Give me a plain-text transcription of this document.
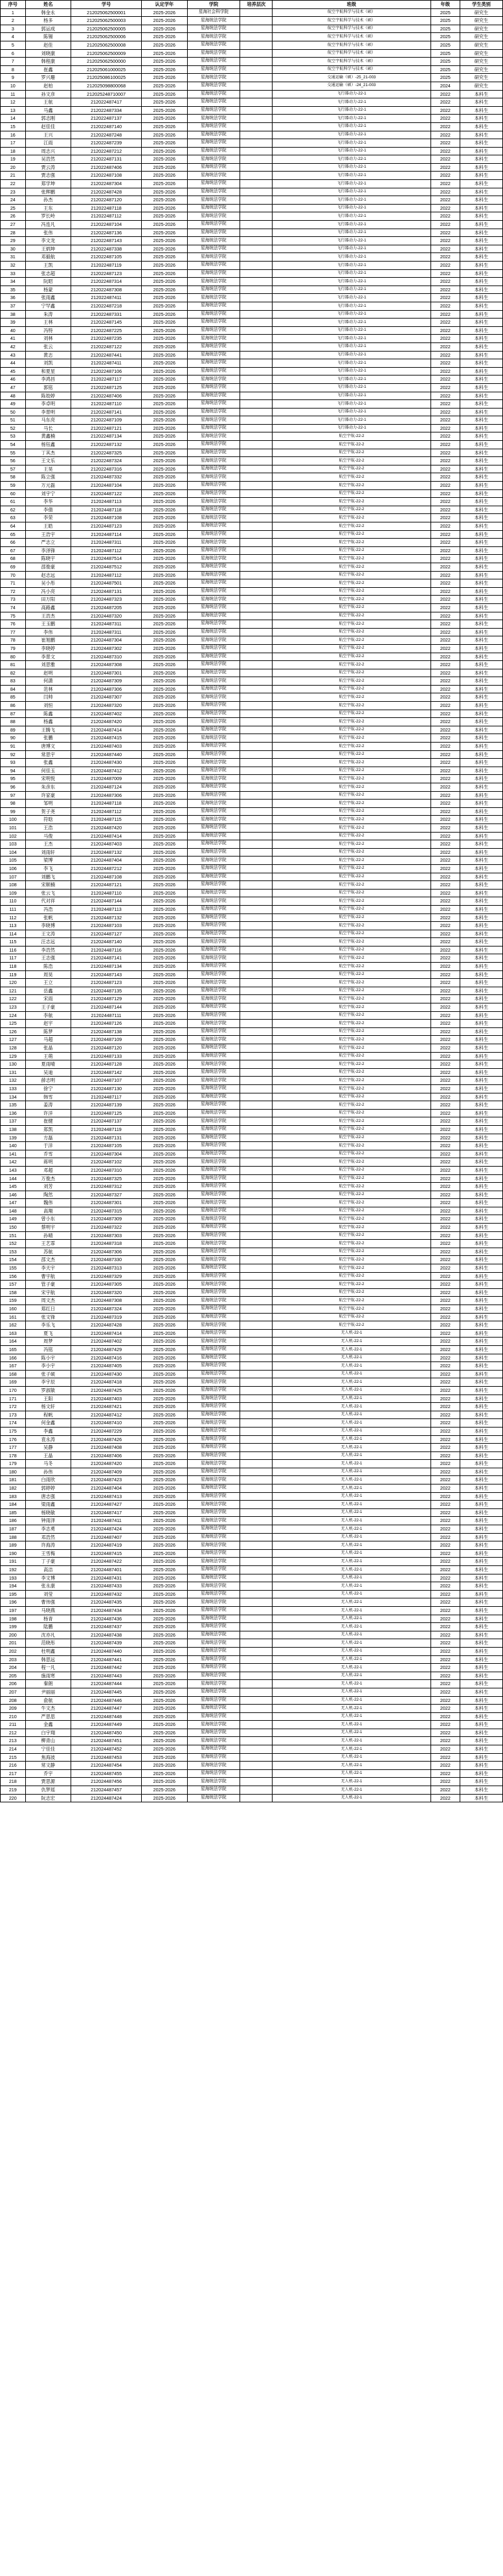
序号	姓名	学号	认定学年	学院	培养层次	班级	年级	学生类别
1	韩金永	212025062500001	2025-2026	星海社会科学院		航空宇航科学与技术（硕）	2025	研究生
2	杨多	212025062500003	2025-2026	星海统法学院		航空宇航科学与技术（硕）	2025	研究生
3	郭运成	212025062500005	2025-2026	星海统法学院		航空宇航科学与技术（硕）	2025	研究生
4	陈锡	212025062500006	2025-2026	星海统法学院		航空宇航科学与技术（硕）	2025	研究生
5	赵佳	212025062500008	2025-2026	星海统法学院		航空宇航科学与技术（硕）	2025	研究生
6	刘晓康	212025062500009	2025-2026	星海统法学院		航空宇航科学与技术（硕）	2025	研究生
7	韩程康	212025062500000	2025-2026	星海统法学院		航空宇航科学与技术（硕）	2025	研究生
8	崔鑫	212025061000025	2025-2026	星海统法学院		航空宇航科学与技术（硕）	2025	研究生
9	罗兴珊	212025086100025	2025-2026	星海统法学院		交通运输（硕）-25_21-003	2025	研究生
10	赵柏	212025098800068	2025-2026	星海统法学院		交通运输（硕）-24_21-003	2024	研究生
11	孙文彦	212025248710007	2025-2026	星海统法学院		飞行器动力-22-1	2022	本科生
12	王航	212022487417	2025-2026	星海统法学院		飞行器动力-22-1	2022	本科生
13	马鑫	212022487334	2025-2026	星海统法学院		飞行器动力-22-1	2022	本科生
14	郭志刚	212022487137	2025-2026	星海统法学院		飞行器动力-22-1	2022	本科生
15	赵佳佳	212022487140	2025-2026	星海统法学院		飞行器动力-22-1	2022	本科生
16	王兴	212022487248	2025-2026	星海统法学院		飞行器动力-22-1	2022	本科生
17	江雨	212022487239	2025-2026	星海统法学院		飞行器动力-22-1	2022	本科生
18	周志兴	212022487212	2025-2026	星海统法学院		飞行器动力-22-1	2022	本科生
19	吴浩然	212022487131	2025-2026	星海统法学院		飞行器动力-22-1	2022	本科生
20	贾云涛	212022487406	2025-2026	星海统法学院		飞行器动力-22-1	2022	本科生
21	贾志强	212022487108	2025-2026	星海统法学院		飞行器动力-22-1	2022	本科生
22	郑学坤	212022487304	2025-2026	星海统法学院		飞行器动力-22-1	2022	本科生
23	张辉鹏	212022487428	2025-2026	星海统法学院		飞行器动力-22-1	2022	本科生
24	孙杰	212022487120	2025-2026	星海统法学院		飞行器动力-22-1	2022	本科生
25	王东	212022487118	2025-2026	星海统法学院		飞行器动力-22-1	2022	本科生
26	罗长岭	212022487112	2025-2026	星海统法学院		飞行器动力-22-1	2022	本科生
27	冯连凡	212022487104	2025-2026	星海统法学院		飞行器动力-22-1	2022	本科生
28	张伟	212022487136	2025-2026	星海统法学院		飞行器动力-22-1	2022	本科生
29	李文龙	212022487143	2025-2026	星海统法学院		飞行器动力-22-1	2022	本科生
30	王炳坤	212022487338	2025-2026	星海统法学院		飞行器动力-22-1	2022	本科生
31	邓毅航	212022487105	2025-2026	星海统法学院		飞行器动力-22-1	2022	本科生
32	王凯	212022487119	2025-2026	星海统法学院		飞行器动力-22-1	2022	本科生
33	张志超	212022487123	2025-2026	星海统法学院		飞行器动力-22-1	2022	本科生
34	阮昭	212022487314	2025-2026	星海统法学院		飞行器动力-22-1	2022	本科生
35	杨蒙	212022487308	2025-2026	星海统法学院		飞行器动力-22-1	2022	本科生
36	张雨鑫	212022487411	2025-2026	星海统法学院		飞行器动力-22-1	2022	本科生
37	宁罕鑫	212022487218	2025-2026	星海统法学院		飞行器动力-22-1	2022	本科生
38	朱涛	212022487331	2025-2026	星海统法学院		飞行器动力-22-1	2022	本科生
39	王林	212022487145	2025-2026	星海统法学院		飞行器动力-22-1	2022	本科生
40	冯特	212022487225	2025-2026	星海统法学院		飞行器动力-22-1	2022	本科生
41	刘林	212022487235	2025-2026	星海统法学院		飞行器动力-22-1	2022	本科生
42	张云	212022487122	2025-2026	星海统法学院		飞行器动力-22-1	2022	本科生
43	黄志	212022487441	2025-2026	星海统法学院		飞行器动力-22-1	2022	本科生
44	刘凯	212022487411	2025-2026	星海统法学院		飞行器动力-22-1	2022	本科生
45	和夏星	212022487106	2025-2026	星海统法学院		飞行器动力-22-1	2022	本科生
46	李鸿昌	212022487117	2025-2026	星海统法学院		飞行器动力-22-1	2022	本科生
47	郭铭	212022487125	2025-2026	星海统法学院		飞行器动力-22-1	2022	本科生
48	陈姣婷	212022487406	2025-2026	星海统法学院		飞行器动力-22-1	2022	本科生
49	李卓明	212022487110	2025-2026	星海统法学院		飞行器动力-22-1	2022	本科生
50	李景明	212022487141	2025-2026	星海统法学院		飞行器动力-22-1	2022	本科生
51	马东亮	212022487109	2025-2026	星海统法学院		飞行器动力-22-1	2022	本科生
52	马长	212022487121	2025-2026	星海统法学院		飞行器动力-22-1	2022	本科生
53	黄鑫楠	212022487134	2025-2026	星海统法学院		航空宇航-22-2	2022	本科生
54	杨钰鑫	212022487132	2025-2026	星海统法学院		航空宇航-22-2	2022	本科生
55	丁其杰	212022487325	2025-2026	星海统法学院		航空宇航-22-2	2022	本科生
56	王文乐	212022487324	2025-2026	星海统法学院		航空宇航-22-2	2022	本科生
57	王昊	212022487316	2025-2026	星海统法学院		航空宇航-22-2	2022	本科生
58	陈立强	212024487332	2025-2026	星海统法学院		航空宇航-22-2	2022	本科生
59	万元磊	212024487104	2025-2026	星海统法学院		航空宇航-22-2	2022	本科生
60	刘宇宁	212024487122	2025-2026	星海统法学院		航空宇航-22-2	2022	本科生
61	李华	212024487113	2025-2026	星海统法学院		航空宇航-22-2	2022	本科生
62	李倩	212024487118	2025-2026	星海统法学院		航空宇航-22-2	2022	本科生
63	李荣	212024487108	2025-2026	星海统法学院		航空宇航-22-2	2022	本科生
64	王皓	212024487123	2025-2026	星海统法学院		航空宇航-22-2	2022	本科生
65	王浩宇	212024487114	2025-2026	星海统法学院		航空宇航-22-2	2022	本科生
66	严志立	212024487311	2025-2026	星海统法学院		航空宇航-22-2	2022	本科生
67	李泽锋	212024487112	2025-2026	星海统法学院		航空宇航-22-2	2022	本科生
68	陈晓宇	212024487514	2025-2026	星海统法学院		航空宇航-22-2	2022	本科生
69	邵俊豪	212024487512	2025-2026	星海统法学院		航空宇航-22-2	2022	本科生
70	赵志远	212024487112	2025-2026	星海统法学院		航空宇航-22-2	2022	本科生
71	吴小彤	212024487501	2025-2026	星海统法学院		航空宇航-22-2	2022	本科生
72	冯小亮	212024487131	2025-2026	星海统法学院		航空宇航-22-2	2022	本科生
73	田万阳	212024487323	2025-2026	星海统法学院		航空宇航-22-2	2022	本科生
74	高路鑫	212024487205	2025-2026	星海统法学院		航空宇航-22-2	2022	本科生
75	王浩杰	212024487320	2025-2026	星海统法学院		航空宇航-22-2	2022	本科生
76	王玉鹏	212024487311	2025-2026	星海统法学院		航空宇航-22-2	2022	本科生
77	李伟	212024487311	2025-2026	星海统法学院		航空宇航-22-2	2022	本科生
78	崔旭鹏	212024487304	2025-2026	星海统法学院		航空宇航-22-2	2022	本科生
79	李晓婷	212024487302	2025-2026	星海统法学院		航空宇航-22-2	2022	本科生
80	李景文	212024487310	2025-2026	星海统法学院		航空宇航-22-2	2022	本科生
81	刘思雅	212024487308	2025-2026	星海统法学院		航空宇航-22-2	2022	本科生
82	赵明	212024487301	2025-2026	星海统法学院		航空宇航-22-2	2022	本科生
83	何潇	212024487309	2025-2026	星海统法学院		航空宇航-22-2	2022	本科生
84	范林	212024487306	2025-2026	星海统法学院		航空宇航-22-2	2022	本科生
85	闫帅	212024487307	2025-2026	星海统法学院		航空宇航-22-2	2022	本科生
86	刘恒	212024487320	2025-2026	星海统法学院		航空宇航-22-2	2022	本科生
87	陈鑫	212024487402	2025-2026	星海统法学院		航空宇航-22-2	2022	本科生
88	杨鑫	212024487420	2025-2026	星海统法学院		航空宇航-22-2	2022	本科生
89	王腾飞	212024487414	2025-2026	星海统法学院		航空宇航-22-2	2022	本科生
90	张鹏	212024487415	2025-2026	星海统法学院		航空宇航-22-2	2022	本科生
91	唐博文	212024487403	2025-2026	星海统法学院		航空宇航-22-2	2022	本科生
92	常思宇	212024487440	2025-2026	星海统法学院		航空宇航-22-2	2022	本科生
93	张鑫	212024487430	2025-2026	星海统法学院		航空宇航-22-2	2022	本科生
94	何佳玉	212024487412	2025-2026	星海统法学院		航空宇航-22-2	2022	本科生
95	宋明悦	212024487009	2025-2026	星海统法学院		航空宇航-22-2	2022	本科生
96	朱彦东	212024487124	2025-2026	星海统法学院		航空宇航-22-2	2022	本科生
97	许家豪	212024487306	2025-2026	星海统法学院		航空宇航-22-2	2022	本科生
98	邹明	212024487118	2025-2026	星海统法学院		航空宇航-22-2	2022	本科生
99	贺子尧	212024487112	2025-2026	星海统法学院		航空宇航-22-2	2022	本科生
100	符晗	212024487115	2025-2026	星海统法学院		航空宇航-22-2	2022	本科生
101	王浩	212024487420	2025-2026	星海统法学院		航空宇航-22-2	2022	本科生
102	马俊	212024487414	2025-2026	星海统法学院		航空宇航-22-2	2022	本科生
103	王杰	212024487403	2025-2026	星海统法学院		航空宇航-22-2	2022	本科生
104	刘雨轩	212024487132	2025-2026	星海统法学院		航空宇航-22-2	2022	本科生
105	梁博	212024487404	2025-2026	星海统法学院		航空宇航-22-2	2022	本科生
106	李飞	212024487212	2025-2026	星海统法学院		航空宇航-22-2	2022	本科生
107	刘鹏飞	212024487108	2025-2026	星海统法学院		航空宇航-22-2	2022	本科生
108	宋顺楠	212024487121	2025-2026	星海统法学院		航空宇航-22-2	2022	本科生
109	张云飞	212024487110	2025-2026	星海统法学院		航空宇航-22-2	2022	本科生
110	代对祥	212024487144	2025-2026	星海统法学院		航空宇航-22-2	2022	本科生
111	冯浩	212024487113	2025-2026	星海统法学院		航空宇航-22-2	2022	本科生
112	张帆	212024487132	2025-2026	星海统法学院		航空宇航-22-2	2022	本科生
113	李晓博	212024487103	2025-2026	星海统法学院		航空宇航-22-2	2022	本科生
114	王文涛	212024487127	2025-2026	星海统法学院		航空宇航-22-2	2022	本科生
115	汪志远	212024487140	2025-2026	星海统法学院		航空宇航-22-2	2022	本科生
116	李浩然	212024487116	2025-2026	星海统法学院		航空宇航-22-2	2022	本科生
117	王志强	212024487141	2025-2026	星海统法学院		航空宇航-22-2	2022	本科生
118	陈浩	212024487134	2025-2026	星海统法学院		航空宇航-22-2	2022	本科生
119	周昊	212024487143	2025-2026	星海统法学院		航空宇航-22-2	2022	本科生
120	王立	212024487123	2025-2026	星海统法学院		航空宇航-22-2	2022	本科生
121	岳鑫	212024487135	2025-2026	星海统法学院		航空宇航-22-2	2022	本科生
122	宋雨	212024487129	2025-2026	星海统法学院		航空宇航-22-2	2022	本科生
123	王子豪	212024487144	2025-2026	星海统法学院		航空宇航-22-2	2022	本科生
124	李航	212024487111	2025-2026	星海统法学院		航空宇航-22-2	2022	本科生
125	赵宇	212024487126	2025-2026	星海统法学院		航空宇航-22-2	2022	本科生
126	陈梦	212024487138	2025-2026	星海统法学院		航空宇航-22-2	2022	本科生
127	马超	212024487109	2025-2026	星海统法学院		航空宇航-22-2	2022	本科生
128	张晶	212024487120	2025-2026	星海统法学院		航空宇航-22-2	2022	本科生
129	王萌	212024487133	2025-2026	星海统法学院		航空宇航-22-2	2022	本科生
130	夏雨晴	212024487128	2025-2026	星海统法学院		航空宇航-22-2	2022	本科生
131	吴迪	212024487142	2025-2026	星海统法学院		航空宇航-22-2	2022	本科生
132	薛志明	212024487107	2025-2026	星海统法学院		航空宇航-22-2	2022	本科生
133	徐宁	212024487130	2025-2026	星海统法学院		航空宇航-22-2	2022	本科生
134	韩雪	212024487117	2025-2026	星海统法学院		航空宇航-22-2	2022	本科生
135	姜涛	212024487139	2025-2026	星海统法学院		航空宇航-22-2	2022	本科生
136	许洋	212024487125	2025-2026	星海统法学院		航空宇航-22-2	2022	本科生
137	崔健	212024487137	2025-2026	星海统法学院		航空宇航-22-2	2022	本科生
138	郑凯	212024487119	2025-2026	星海统法学院		航空宇航-22-2	2022	本科生
139	方磊	212024487131	2025-2026	星海统法学院		航空宇航-22-2	2022	本科生
140	于洋	212024487105	2025-2026	星海统法学院		航空宇航-22-2	2022	本科生
141	乔雪	212024487304	2025-2026	星海统法学院		航空宇航-22-2	2022	本科生
142	蒋明	212024487102	2025-2026	星海统法学院		航空宇航-22-2	2022	本科生
143	邓超	212024487310	2025-2026	星海统法学院		航空宇航-22-2	2022	本科生
144	万俊杰	212024487325	2025-2026	星海统法学院		航空宇航-22-2	2022	本科生
145	刘芳	212024487312	2025-2026	星海统法学院		航空宇航-22-2	2022	本科生
146	陶然	212024487327	2025-2026	星海统法学院		航空宇航-22-2	2022	本科生
147	魏伟	212024487301	2025-2026	星海统法学院		航空宇航-22-2	2022	本科生
148	高翔	212024487315	2025-2026	星海统法学院		航空宇航-22-2	2022	本科生
149	曾小东	212024487309	2025-2026	星海统法学院		航空宇航-22-2	2022	本科生
150	蔡明宇	212024487322	2025-2026	星海统法学院		航空宇航-22-2	2022	本科生
151	孙晴	212024487303	2025-2026	星海统法学院		航空宇航-22-2	2022	本科生
152	王艺霏	212024487318	2025-2026	星海统法学院		航空宇航-22-2	2022	本科生
153	苏航	212024487306	2025-2026	星海统法学院		航空宇航-22-2	2022	本科生
154	邵文杰	212024487330	2025-2026	星海统法学院		航空宇航-22-2	2022	本科生
155	李天宇	212024487313	2025-2026	星海统法学院		航空宇航-22-2	2022	本科生
156	曹宇航	212024487329	2025-2026	星海统法学院		航空宇航-22-2	2022	本科生
157	管子豪	212024487305	2025-2026	星海统法学院		航空宇航-22-2	2022	本科生
158	宋宇航	212024487320	2025-2026	星海统法学院		航空宇航-22-2	2022	本科生
159	周文杰	212024487308	2025-2026	星海统法学院		航空宇航-22-2	2022	本科生
160	郑红日	212024487324	2025-2026	星海统法学院		航空宇航-22-2	2022	本科生
161	张文锋	212024487319	2025-2026	星海统法学院		航空宇航-22-2	2022	本科生
162	李乐飞	212024487428	2025-2026	星海统法学院		航空宇航-22-2	2022	本科生
163	夏飞	212024487414	2025-2026	星海统法学院		无人机-22-1	2022	本科生
164	周梦	212024487402	2025-2026	星海统法学院		无人机-22-1	2022	本科生
165	冯铭	212024487429	2025-2026	星海统法学院		无人机-22-1	2022	本科生
166	陈小宇	212024487416	2025-2026	星海统法学院		无人机-22-1	2022	本科生
167	李小宇	212024487405	2025-2026	星海统法学院		无人机-22-1	2022	本科生
168	张子硕	212024487430	2025-2026	星海统法学院		无人机-22-1	2022	本科生
169	李宇辰	212024487418	2025-2026	星海统法学院		无人机-22-1	2022	本科生
170	罗淑敏	212024487425	2025-2026	星海统法学院		无人机-22-1	2022	本科生
171	王阳	212024487403	2025-2026	星海统法学院		无人机-22-1	2022	本科生
172	杨文轩	212024487421	2025-2026	星海统法学院		无人机-22-1	2022	本科生
173	程帆	212024487412	2025-2026	星海统法学院		无人机-22-1	2022	本科生
174	何金鑫	212024487410	2025-2026	星海统法学院		无人机-22-1	2022	本科生
175	李鑫	212024487229	2025-2026	星海统法学院		无人机-22-1	2022	本科生
176	袁永涛	212024487426	2025-2026	星海统法学院		无人机-22-1	2022	本科生
177	吴静	212024487408	2025-2026	星海统法学院		无人机-22-1	2022	本科生
178	王晶	212024487406	2025-2026	星海统法学院		无人机-22-1	2022	本科生
179	马冬	212024487420	2025-2026	星海统法学院		无人机-22-1	2022	本科生
180	孙伟	212024487409	2025-2026	星海统法学院		无人机-22-1	2022	本科生
181	白雨欣	212024487423	2025-2026	星海统法学院		无人机-22-1	2022	本科生
182	郭婷婷	212024487404	2025-2026	星海统法学院		无人机-22-1	2022	本科生
183	唐志强	212024487413	2025-2026	星海统法学院		无人机-22-1	2022	本科生
184	梁雨鑫	212024487427	2025-2026	星海统法学院		无人机-22-1	2022	本科生
185	杨晓敏	212024487417	2025-2026	星海统法学院		无人机-22-1	2022	本科生
186	钟雨泽	212024487411	2025-2026	星海统法学院		无人机-22-1	2022	本科生
187	李志勇	212024487424	2025-2026	星海统法学院		无人机-22-1	2022	本科生
188	邓浩然	212024487407	2025-2026	星海统法学院		无人机-22-1	2022	本科生
189	许海涛	212024487419	2025-2026	星海统法学院		无人机-22-1	2022	本科生
190	王雪梅	212024487415	2025-2026	星海统法学院		无人机-22-1	2022	本科生
191	丁子豪	212024487422	2025-2026	星海统法学院		无人机-22-1	2022	本科生
192	高洁	212024487401	2025-2026	星海统法学院		无人机-22-1	2022	本科生
193	李文博	212024487431	2025-2026	星海统法学院		无人机-22-1	2022	本科生
194	张永康	212024487433	2025-2026	星海统法学院		无人机-22-1	2022	本科生
195	刘莹	212024487432	2025-2026	星海统法学院		无人机-22-1	2022	本科生
196	曹伟强	212024487435	2025-2026	星海统法学院		无人机-22-1	2022	本科生
197	马晓燕	212024487434	2025-2026	星海统法学院		无人机-22-1	2022	本科生
198	杨青	212024487436	2025-2026	星海统法学院		无人机-22-1	2022	本科生
199	陆鹏	212024487437	2025-2026	星海统法学院		无人机-22-1	2022	本科生
200	沈亦凡	212024487438	2025-2026	星海统法学院		无人机-22-1	2022	本科生
201	范晓彤	212024487439	2025-2026	星海统法学院		无人机-22-1	2022	本科生
202	杜明鑫	212024487440	2025-2026	星海统法学院		无人机-22-1	2022	本科生
203	韩思远	212024487441	2025-2026	星海统法学院		无人机-22-1	2022	本科生
204	程一凡	212024487442	2025-2026	星海统法学院		无人机-22-1	2022	本科生
205	施雨寒	212024487443	2025-2026	星海统法学院		无人机-22-1	2022	本科生
206	秦朗	212024487444	2025-2026	星海统法学院		无人机-22-1	2022	本科生
207	尹丽丽	212024487445	2025-2026	星海统法学院		无人机-22-1	2022	本科生
208	俞航	212024487446	2025-2026	星海统法学院		无人机-22-1	2022	本科生
209	牛文杰	212024487447	2025-2026	星海统法学院		无人机-22-1	2022	本科生
210	严思思	212024487448	2025-2026	星海统法学院		无人机-22-1	2022	本科生
211	金鑫	212024487449	2025-2026	星海统法学院		无人机-22-1	2022	本科生
212	白宇翔	212024487450	2025-2026	星海统法学院		无人机-22-1	2022	本科生
213	柳青山	212024487451	2025-2026	星海统法学院		无人机-22-1	2022	本科生
214	宁佳佳	212024487452	2025-2026	星海统法学院		无人机-22-1	2022	本科生
215	焦海波	212024487453	2025-2026	星海统法学院		无人机-22-1	2022	本科生
216	常文静	212024487454	2025-2026	星海统法学院		无人机-22-1	2022	本科生
217	乔宇	212024487455	2025-2026	星海统法学院		无人机-22-1	2022	本科生
218	贾思源	212024487456	2025-2026	星海统法学院		无人机-22-1	2022	本科生
219	仇梦瑶	212024487457	2025-2026	星海统法学院		无人机-22-1	2022	本科生
220	阮志宏	212024487424	2025-2026	星海统法学院		无人机-22-1	2022	本科生
